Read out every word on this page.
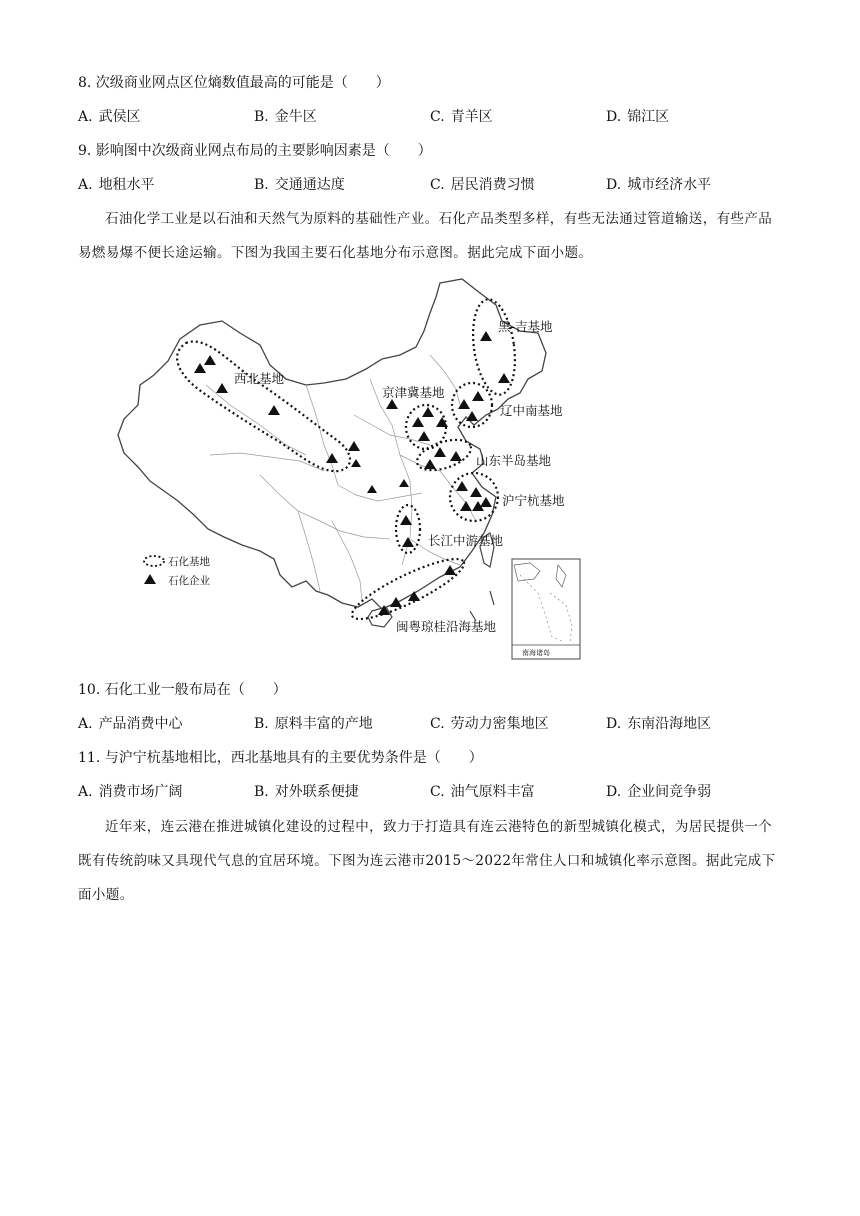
8. 次级商业网点区位熵数值最高的可能是（　　）
A. 武侯区	B. 金牛区	C. 青羊区	D. 锦江区
9. 影响图中次级商业网点布局的主要影响因素是（　　）
A. 地租水平	B. 交通通达度	C. 居民消费习惯	D. 城市经济水平
石油化学工业是以石油和天然气为原料的基础性产业。石化产品类型多样，有些无法通过管道输送，有些产品易燃易爆不便长途运输。下图为我国主要石化基地分布示意图。据此完成下面小题。
黑-吉基地
西北基地
京津冀基地
辽中南基地
山东半岛基地
沪宁杭基地
长江中游基地
闽粤琼桂沿海基地
石化基地
石化企业
南海诸岛
10. 石化工业一般布局在（　　）
A. 产品消费中心	B. 原料丰富的产地	C. 劳动力密集地区	D. 东南沿海地区
11. 与沪宁杭基地相比，西北基地具有的主要优势条件是（　　）
A. 消费市场广阔	B. 对外联系便捷	C. 油气原料丰富	D. 企业间竞争弱
近年来，连云港在推进城镇化建设的过程中，致力于打造具有连云港特色的新型城镇化模式，为居民提供一个既有传统韵味又具现代气息的宜居环境。下图为连云港市2015～2022年常住人口和城镇化率示意图。据此完成下面小题。
